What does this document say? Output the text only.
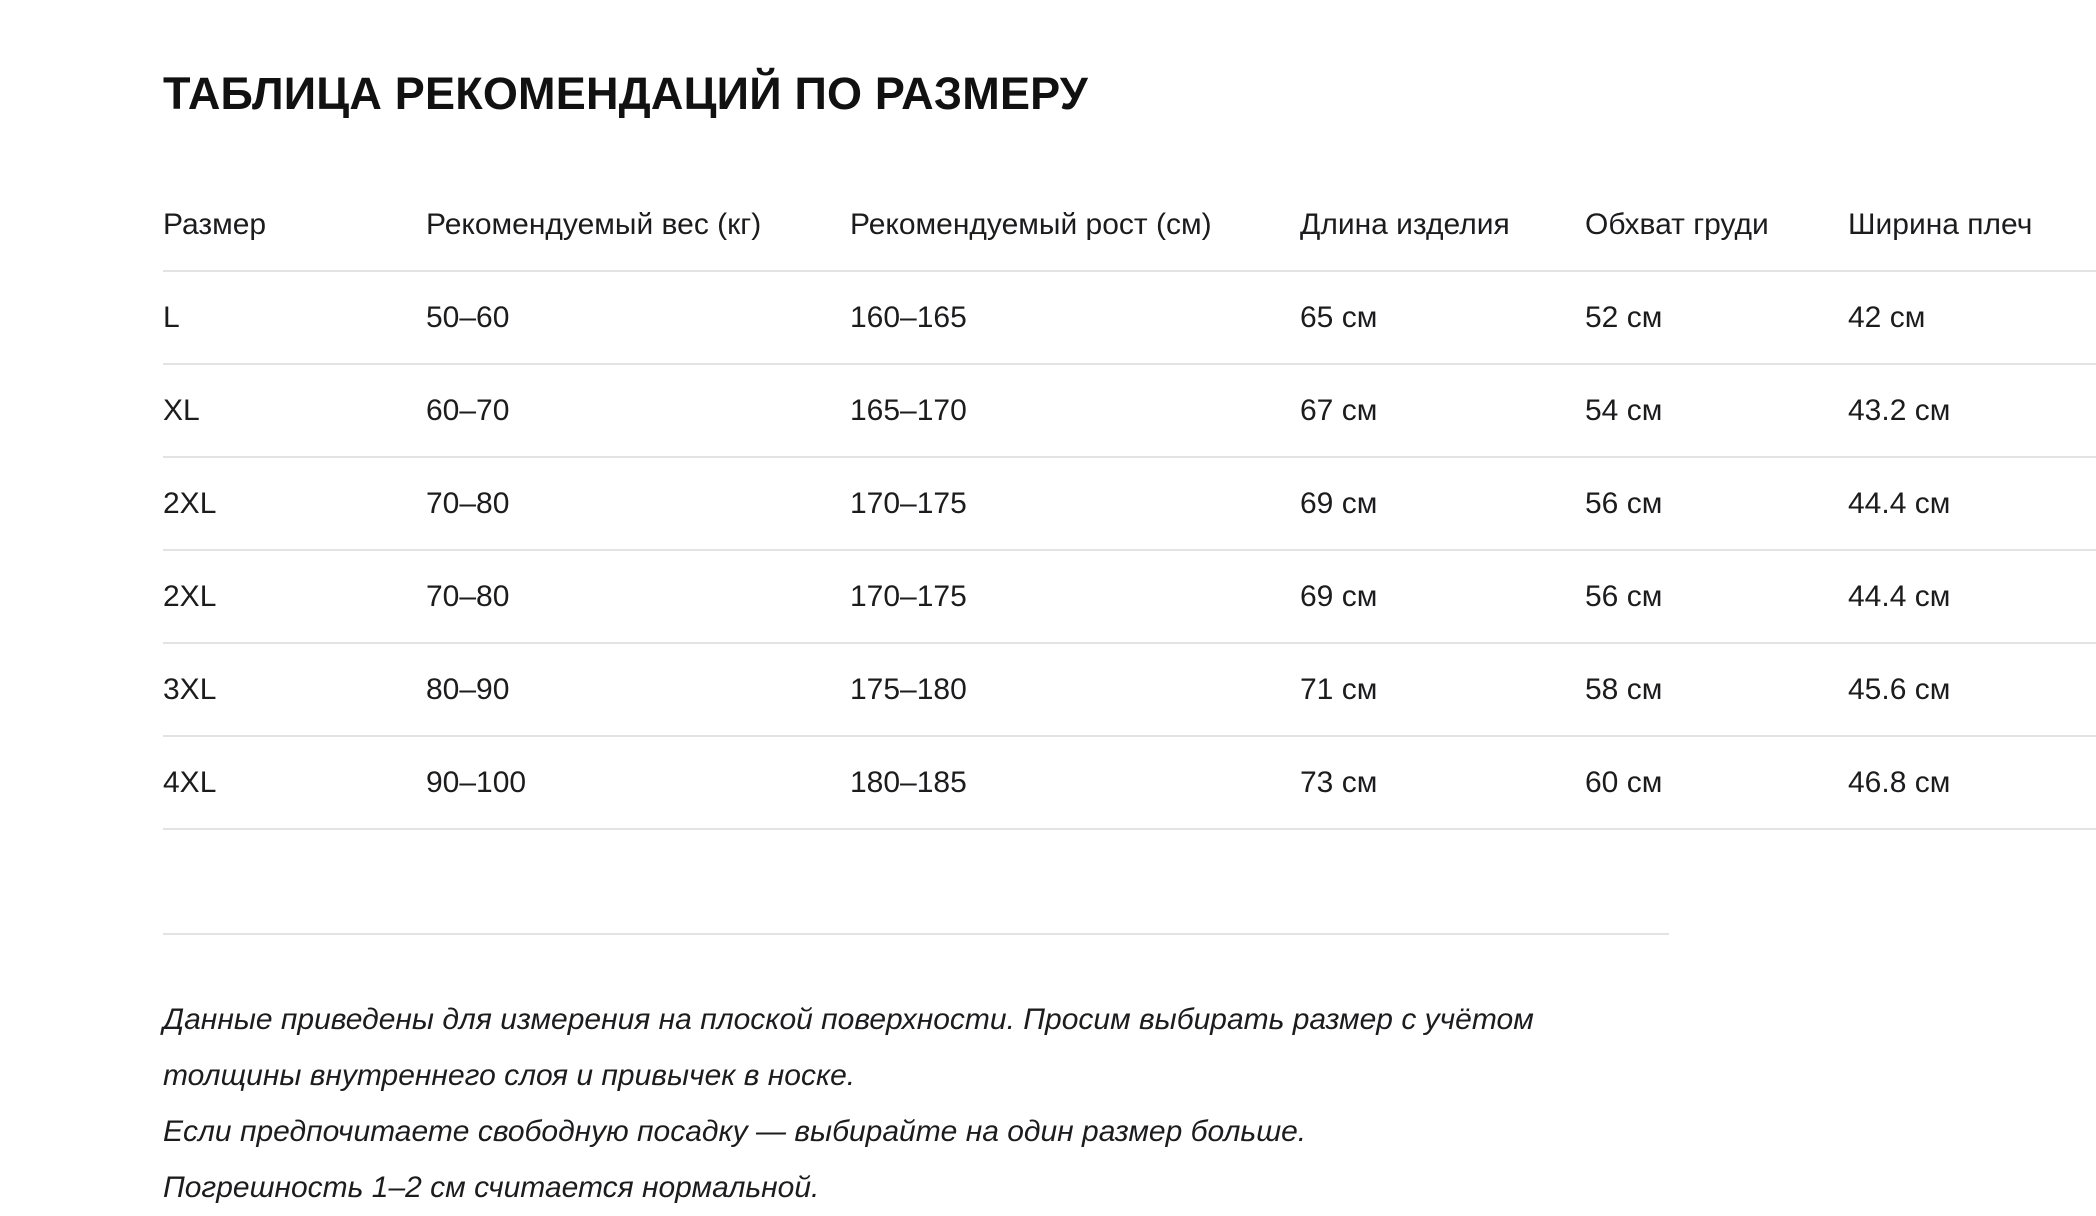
ТАБЛИЦА РЕКОМЕНДАЦИЙ ПО РАЗМЕРУ
Размер	Рекомендуемый вес (кг)	Рекомендуемый рост (см)	Длина изделия	Обхват груди	Ширина плеч
L	50–60	160–165	65 см	52 см	42 см
XL	60–70	165–170	67 см	54 см	43.2 см
2XL	70–80	170–175	69 см	56 см	44.4 см
2XL	70–80	170–175	69 см	56 см	44.4 см
3XL	80–90	175–180	71 см	58 см	45.6 см
4XL	90–100	180–185	73 см	60 см	46.8 см
Данные приведены для измерения на плоской поверхности. Просим выбирать размер с учётом
толщины внутреннего слоя и привычек в носке.
Если предпочитаете свободную посадку — выбирайте на один размер больше.
Погрешность 1–2 см считается нормальной.
